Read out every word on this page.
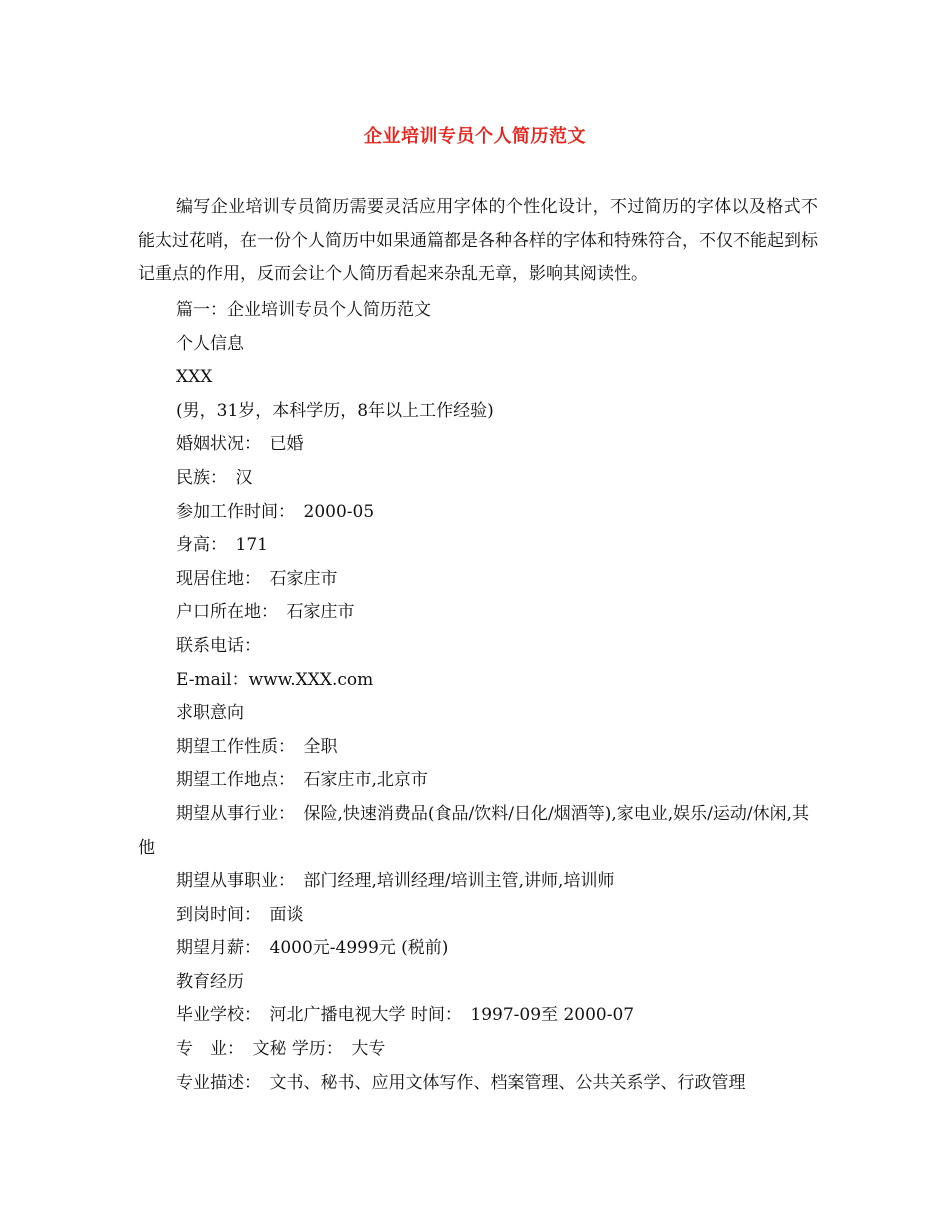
企业培训专员个人简历范文

编写企业培训专员简历需要灵活应用字体的个性化设计，不过简历的字体以及格式不能太过花哨，在一份个人简历中如果通篇都是各种各样的字体和特殊符合，不仅不能起到标记重点的作用，反而会让个人简历看起来杂乱无章，影响其阅读性。

篇一：企业培训专员个人简历范文
个人信息
XXX
(男，31岁，本科学历，8年以上工作经验)
婚姻状况：　已婚
民族：　汉
参加工作时间：　2000-05
身高：　171
现居住地：　石家庄市
户口所在地：　石家庄市
联系电话：
E-mail：www.XXX.com
求职意向
期望工作性质：　全职
期望工作地点：　石家庄市,北京市
期望从事行业：　保险,快速消费品(食品/饮料/日化/烟酒等),家电业,娱乐/运动/休闲,其他
期望从事职业：　部门经理,培训经理/培训主管,讲师,培训师
到岗时间：　面谈
期望月薪：　4000元-4999元 (税前)
教育经历
毕业学校：　河北广播电视大学 时间：　1997-09至 2000-07
专　业：　文秘 学历：　大专
专业描述：　文书、秘书、应用文体写作、档案管理、公共关系学、行政管理
